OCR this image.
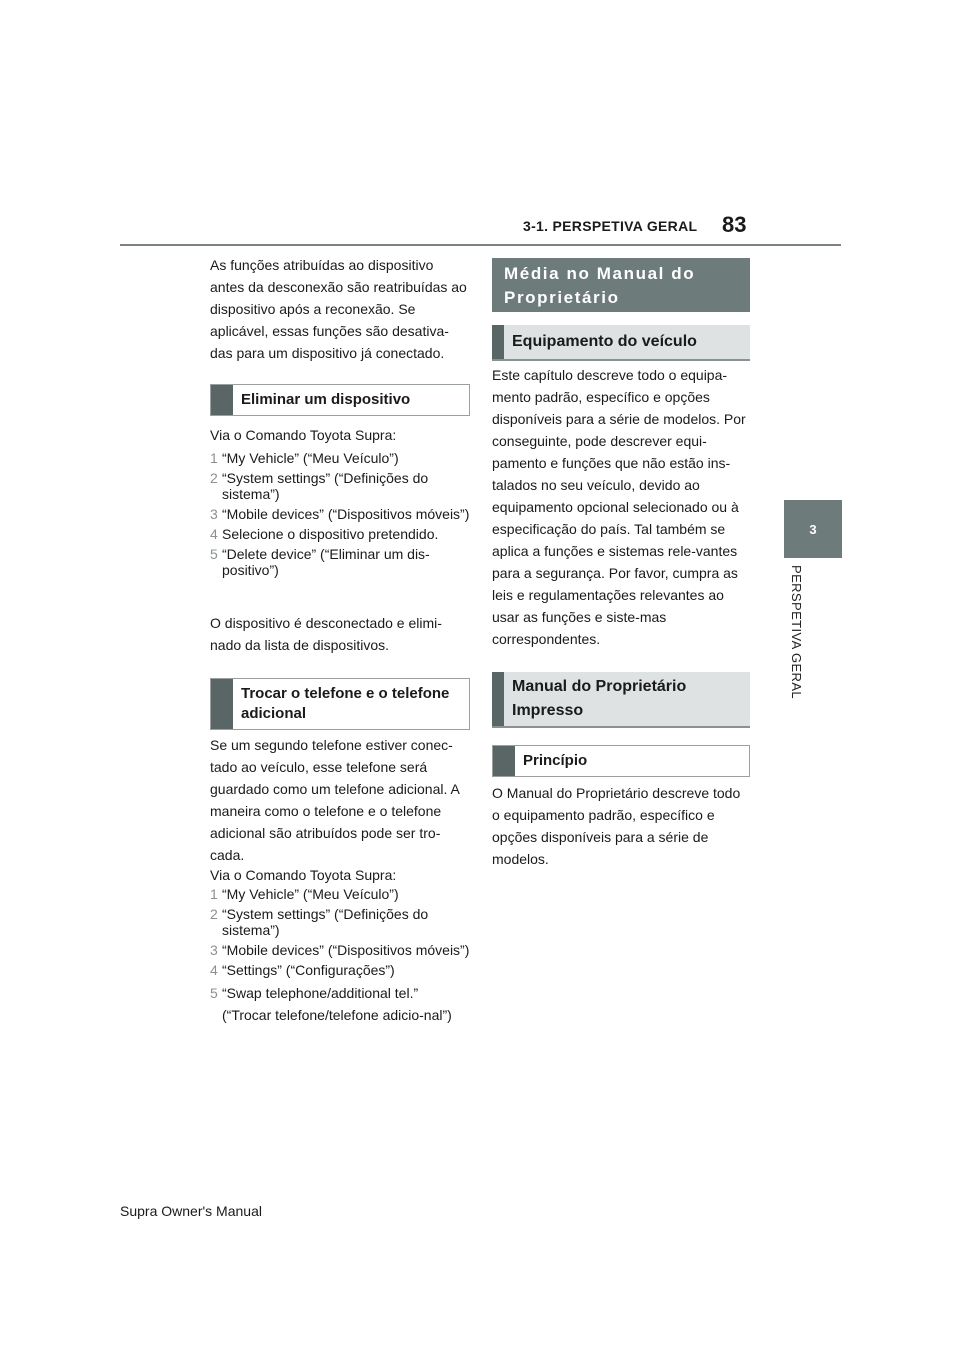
3-1. PERSPETIVA GERAL 83
3
PERSPETIVA GERAL

As funções atribuídas ao dispositivo antes da desconexão são reatribuídas ao dispositivo após a reconexão. Se aplicável, essas funções são desativa-das para um dispositivo já conectado.

Eliminar um dispositivo

Via o Comando Toyota Supra:

1 “My Vehicle” (“Meu Veículo”)
2 “System settings” (“Definições do sistema”)
3 “Mobile devices” (“Dispositivos móveis”)
4 Selecione o dispositivo pretendido.
5 “Delete device” (“Eliminar um dis-positivo”)

O dispositivo é desconectado e elimi-nado da lista de dispositivos.

Trocar o telefone e o telefone adicional

Se um segundo telefone estiver conec-tado ao veículo, esse telefone será guardado como um telefone adicional. A maneira como o telefone e o telefone adicional são atribuídos pode ser tro-cada.

Via o Comando Toyota Supra:

1 “My Vehicle” (“Meu Veículo”)
2 “System settings” (“Definições do sistema”)
3 “Mobile devices” (“Dispositivos móveis”)
4 “Settings” (“Configurações”)
5 “Swap telephone/additional tel.” (“Trocar telefone/telefone adicio-nal”)
Média no Manual do Proprietário
Equipamento do veículo

Este capítulo descreve todo o equipa-mento padrão, específico e opções disponíveis para a série de modelos. Por conseguinte, pode descrever equi-pamento e funções que não estão ins-talados no seu veículo, devido ao equipamento opcional selecionado ou à especificação do país. Tal também se aplica a funções e sistemas rele-vantes para a segurança. Por favor, cumpra as leis e regulamentações relevantes ao usar as funções e siste-mas correspondentes.

Manual do Proprietário Impresso
Princípio

O Manual do Proprietário descreve todo o equipamento padrão, específico e opções disponíveis para a série de modelos.

Supra Owner's Manual
